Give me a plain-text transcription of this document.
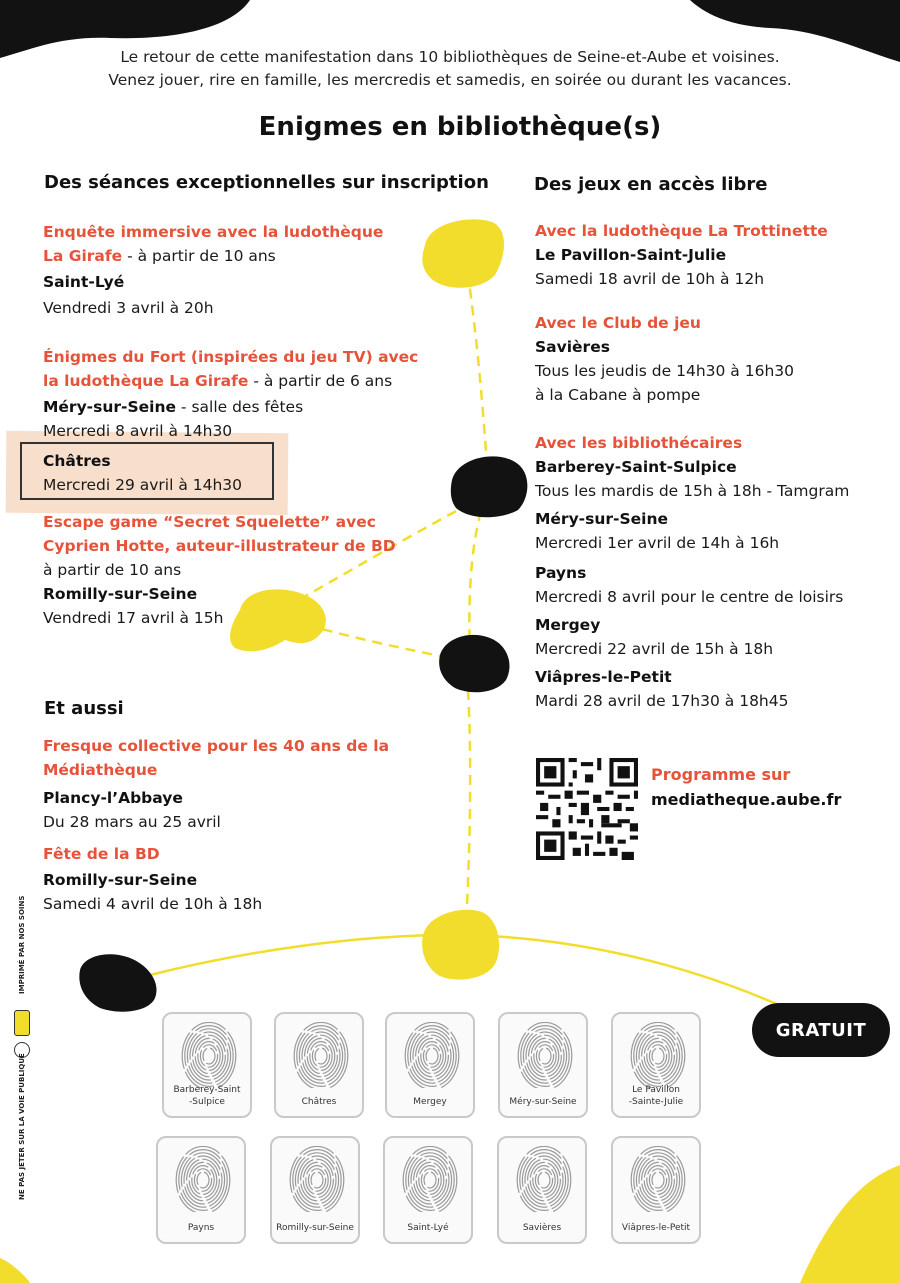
Le retour de cette manifestation dans 10 bibliothèques de Seine-et-Aube et voisines.
Venez jouer, rire en famille, les mercredis et samedis, en soirée ou durant les vacances.
Enigmes en bibliothèque(s)
Des séances exceptionnelles sur inscription	Des jeux en accès libre
Enquête immersive avec la ludothèque
La Girafe - à partir de 10 ans
Saint-Lyé
Vendredi 3 avril à 20h
Énigmes du Fort (inspirées du jeu TV) avec
la ludothèque La Girafe - à partir de 6 ans
Méry-sur-Seine - salle des fêtes
Mercredi 8 avril à 14h30
Châtres
Mercredi 29 avril à 14h30
Escape game “Secret Squelette” avec
Cyprien Hotte, auteur-illustrateur de BD
à partir de 10 ans
Romilly-sur-Seine
Vendredi 17 avril à 15h
Et aussi
Fresque collective pour les 40 ans de la
Médiathèque
Plancy-l’Abbaye
Du 28 mars au 25 avril
Fête de la BD
Romilly-sur-Seine
Samedi 4 avril de 10h à 18h
Avec la ludothèque La Trottinette
Le Pavillon-Saint-Julie
Samedi 18 avril de 10h à 12h
Avec le Club de jeu
Savières
Tous les jeudis de 14h30 à 16h30
à la Cabane à pompe
Avec les bibliothécaires
Barberey-Saint-Sulpice
Tous les mardis de 15h à 18h - Tamgram
Méry-sur-Seine
Mercredi 1er avril de 14h à 16h
Payns
Mercredi 8 avril pour le centre de loisirs
Mergey
Mercredi 22 avril de 15h à 18h
Viâpres-le-Petit
Mardi 28 avril de 17h30 à 18h45
Programme sur
mediatheque.aube.fr
GRATUIT
Barberey-Saint
-Sulpice	Châtres	Mergey	Méry-sur-Seine
Le Pavillon
-Sainte-Julie
Payns	Romilly-sur-Seine	Saint-Lyé	Savières	Viâpres-le-Petit
IMPRIMÉ PAR NOS SOINS
NE PAS JETER SUR LA VOIE PUBLIQUE
